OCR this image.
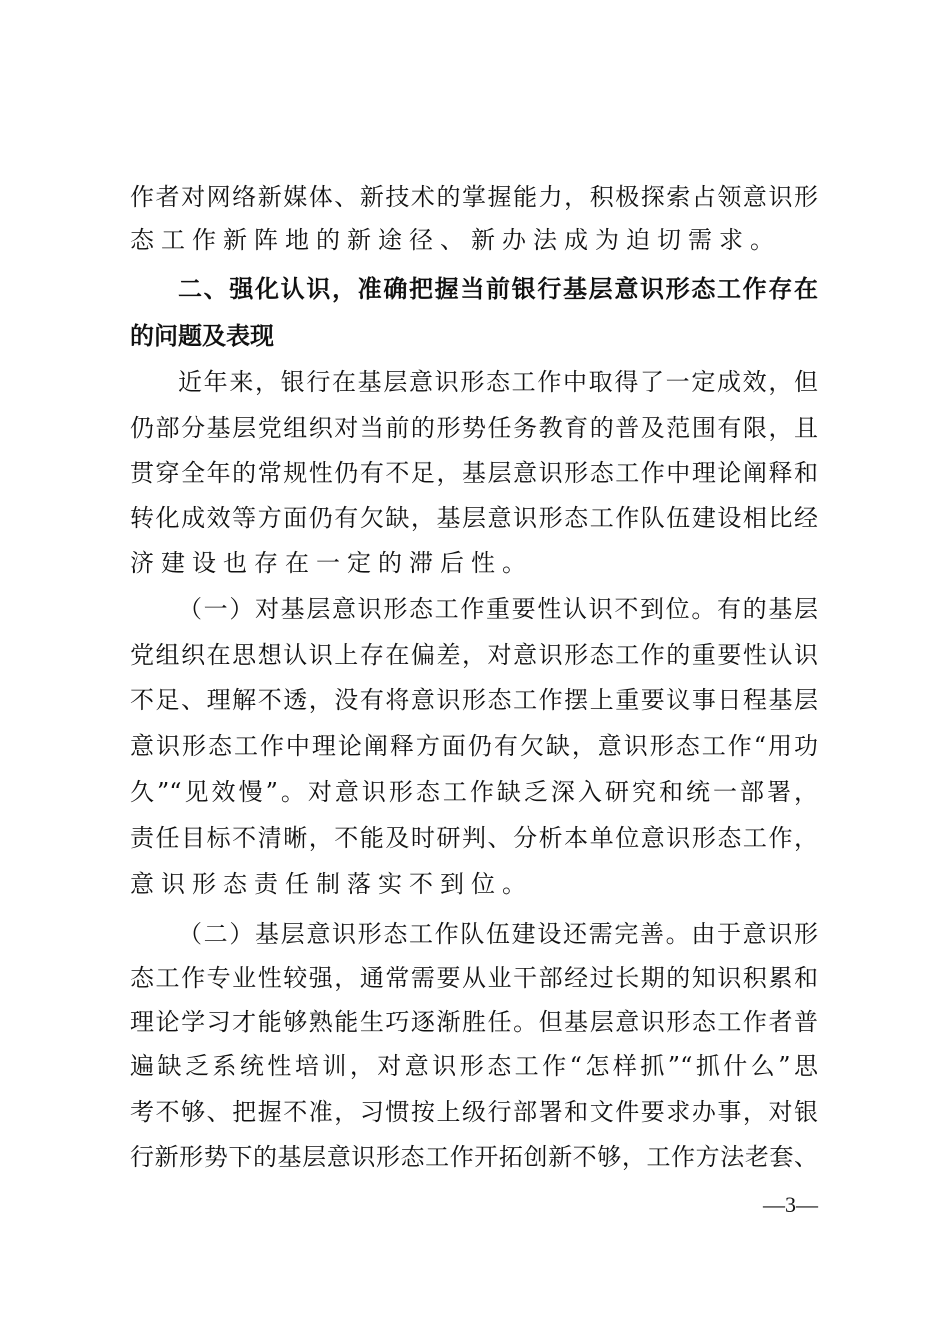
作者对网络新媒体、新技术的掌握能力，积极探索占领意识形
态工作新阵地的新途径、新办法成为迫切需求。
二、强化认识，准确把握当前银行基层意识形态工作存在
的问题及表现
近年来，银行在基层意识形态工作中取得了一定成效，但
仍部分基层党组织对当前的形势任务教育的普及范围有限，且
贯穿全年的常规性仍有不足，基层意识形态工作中理论阐释和
转化成效等方面仍有欠缺，基层意识形态工作队伍建设相比经
济建设也存在一定的滞后性。
（一）对基层意识形态工作重要性认识不到位。有的基层
党组织在思想认识上存在偏差，对意识形态工作的重要性认识
不足、理解不透，没有将意识形态工作摆上重要议事日程基层
意识形态工作中理论阐释方面仍有欠缺，意识形态工作“用功
久”“见效慢”。对意识形态工作缺乏深入研究和统一部署，
责任目标不清晰，不能及时研判、分析本单位意识形态工作，
意识形态责任制落实不到位。
（二）基层意识形态工作队伍建设还需完善。由于意识形
态工作专业性较强，通常需要从业干部经过长期的知识积累和
理论学习才能够熟能生巧逐渐胜任。但基层意识形态工作者普
遍缺乏系统性培训，对意识形态工作“怎样抓”“抓什么”思
考不够、把握不准，习惯按上级行部署和文件要求办事，对银
行新形势下的基层意识形态工作开拓创新不够，工作方法老套、
—3—
